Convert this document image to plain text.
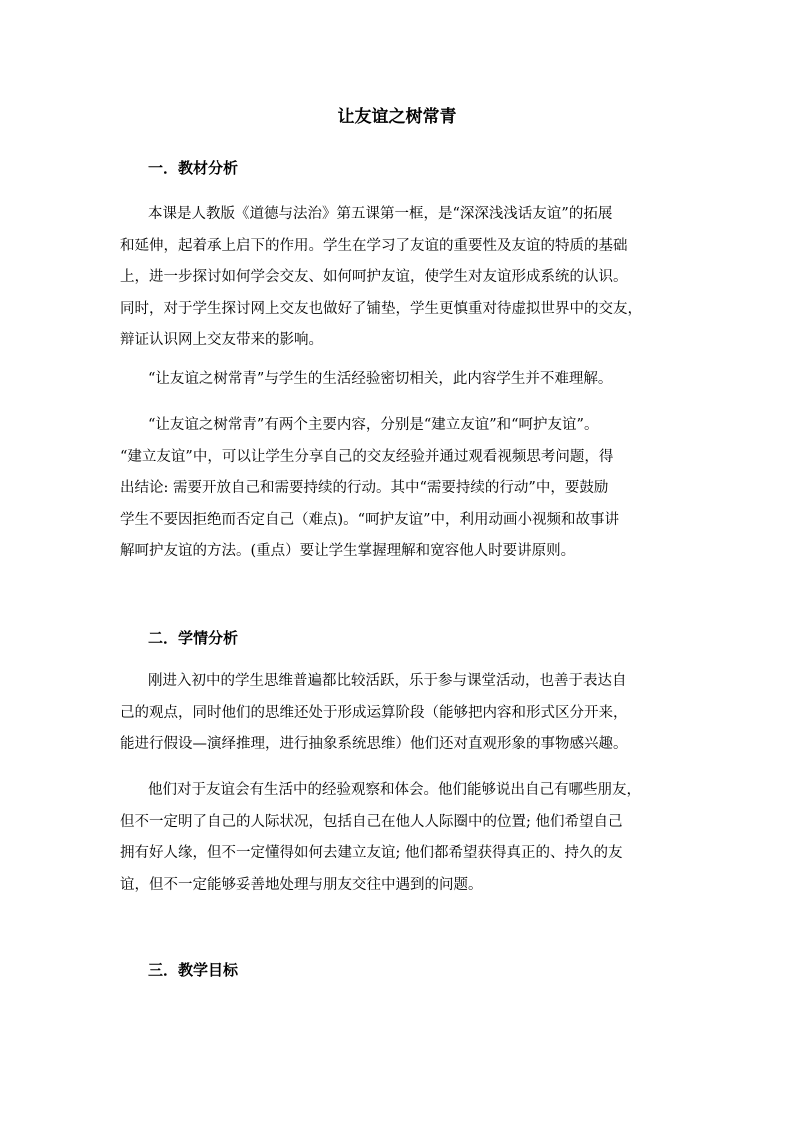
让友谊之树常青
一．教材分析
本课是人教版《道德与法治》第五课第一框，是“深深浅浅话友谊”的拓展
和延伸，起着承上启下的作用。学生在学习了友谊的重要性及友谊的特质的基础
上，进一步探讨如何学会交友、如何呵护友谊，使学生对友谊形成系统的认识。
同时，对于学生探讨网上交友也做好了铺垫，学生更慎重对待虚拟世界中的交友，
辩证认识网上交友带来的影响。
“让友谊之树常青”与学生的生活经验密切相关，此内容学生并不难理解。
“让友谊之树常青”有两个主要内容，分别是“建立友谊”和“呵护友谊”。
“建立友谊”中，可以让学生分享自己的交友经验并通过观看视频思考问题，得
出结论: 需要开放自己和需要持续的行动。其中“需要持续的行动”中，要鼓励
学生不要因拒绝而否定自己（难点)。“呵护友谊”中，利用动画小视频和故事讲
解呵护友谊的方法。(重点）要让学生掌握理解和宽容他人时要讲原则。
二．学情分析
刚进入初中的学生思维普遍都比较活跃，乐于参与课堂活动，也善于表达自
己的观点，同时他们的思维还处于形成运算阶段（能够把内容和形式区分开来，
能进行假设—演绎推理，进行抽象系统思维）他们还对直观形象的事物感兴趣。
他们对于友谊会有生活中的经验观察和体会。他们能够说出自己有哪些朋友，
但不一定明了自己的人际状况，包括自己在他人人际圈中的位置; 他们希望自己
拥有好人缘，但不一定懂得如何去建立友谊; 他们都希望获得真正的、持久的友
谊，但不一定能够妥善地处理与朋友交往中遇到的问题。
三．教学目标
